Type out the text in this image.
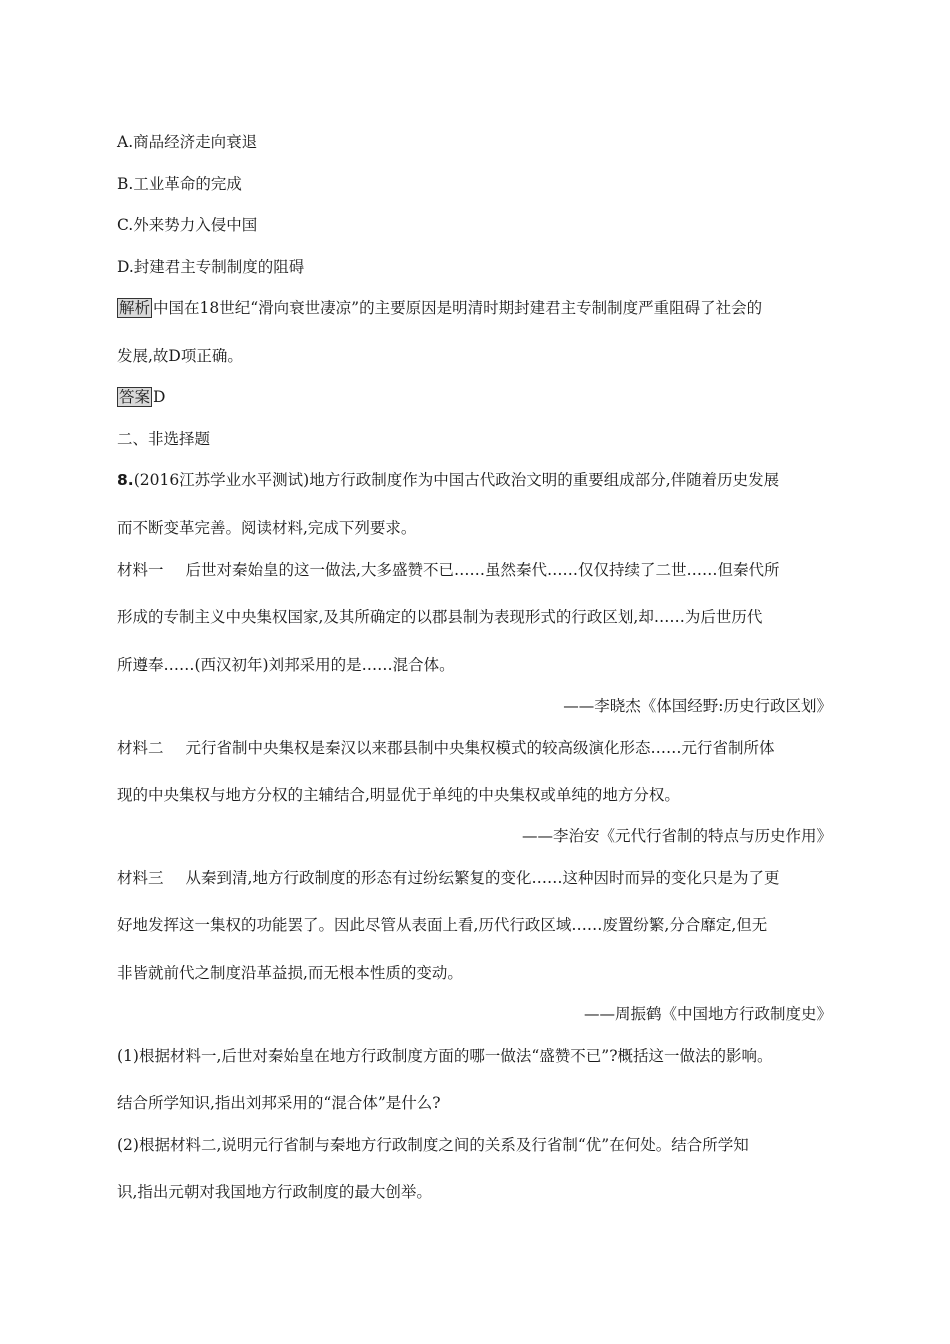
A.商品经济走向衰退
B.工业革命的完成
C.外来势力入侵中国
D.封建君主专制制度的阻碍
解析 中国在18世纪“滑向衰世凄凉”的主要原因是明清时期封建君主专制制度严重阻碍了社会的
发展,故D项正确。
答案 D
二、非选择题
8.(2016江苏学业水平测试)地方行政制度作为中国古代政治文明的重要组成部分,伴随着历史发展
而不断变革完善。阅读材料,完成下列要求。
材料一 后世对秦始皇的这一做法,大多盛赞不已……虽然秦代……仅仅持续了二世……但秦代所
形成的专制主义中央集权国家,及其所确定的以郡县制为表现形式的行政区划,却……为后世历代
所遵奉……(西汉初年)刘邦采用的是……混合体。
——李晓杰《体国经野:历史行政区划》
材料二 元行省制中央集权是秦汉以来郡县制中央集权模式的较高级演化形态……元行省制所体
现的中央集权与地方分权的主辅结合,明显优于单纯的中央集权或单纯的地方分权。
——李治安《元代行省制的特点与历史作用》
材料三 从秦到清,地方行政制度的形态有过纷纭繁复的变化……这种因时而异的变化只是为了更
好地发挥这一集权的功能罢了。因此尽管从表面上看,历代行政区域……废置纷繁,分合靡定,但无
非皆就前代之制度沿革益损,而无根本性质的变动。
——周振鹤《中国地方行政制度史》
(1)根据材料一,后世对秦始皇在地方行政制度方面的哪一做法“盛赞不已”?概括这一做法的影响。
结合所学知识,指出刘邦采用的“混合体”是什么?
(2)根据材料二,说明元行省制与秦地方行政制度之间的关系及行省制“优”在何处。结合所学知
识,指出元朝对我国地方行政制度的最大创举。
